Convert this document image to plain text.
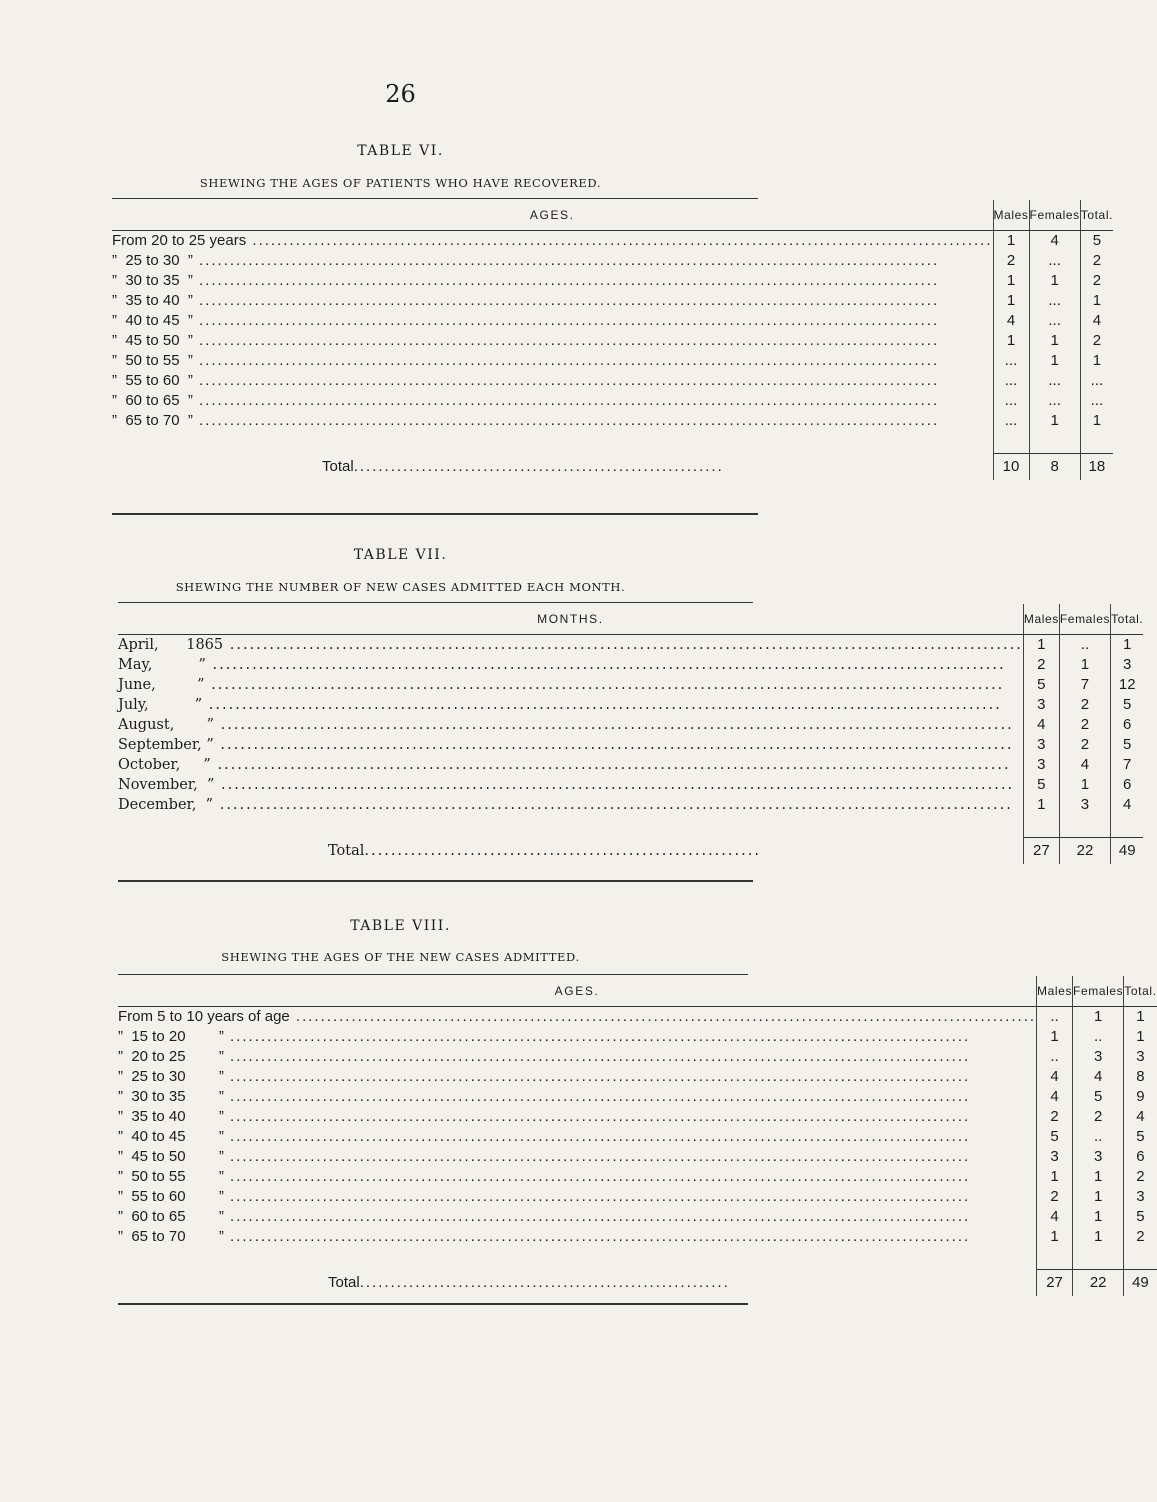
26
TABLE VI.
SHEWING THE AGES OF PATIENTS WHO HAVE RECOVERED.
AGES.	Males	Females	Total.

From 20 to 25 years ........................................................................................................................	1	4	5

”  25 to 30  ” ........................................................................................................................	2	...	2

”  30 to 35  ” ........................................................................................................................	1	1	2

”  35 to 40  ” ........................................................................................................................	1	...	1

”  40 to 45  ” ........................................................................................................................	4	...	4

”  45 to 50  ” ........................................................................................................................	1	1	2

”  50 to 55  ” ........................................................................................................................	...	1	1

”  55 to 60  ” ........................................................................................................................	...	...	...

”  60 to 65  ” ........................................................................................................................	...	...	...

”  65 to 70  ” ........................................................................................................................	...	1	1

Total ............................................................	10	8	18
TABLE VII.
SHEWING THE NUMBER OF NEW CASES ADMITTED EACH MONTH.
MONTHS.	Males	Females	Total.

April,      1865 ........................................................................................................................	1	..	1

May,          ” ........................................................................................................................	2	1	3

June,         ” ........................................................................................................................	5	7	12

July,          ” ........................................................................................................................	3	2	5

August,       ” ........................................................................................................................	4	2	6

September, ” ........................................................................................................................	3	2	5

October,     ” ........................................................................................................................	3	4	7

November,  ” ........................................................................................................................	5	1	6

December,  ” ........................................................................................................................	1	3	4

Total ............................................................	27	22	49
TABLE VIII.
SHEWING THE AGES OF THE NEW CASES ADMITTED.
AGES.	Males	Females	Total.

From 5 to 10 years of age ........................................................................................................................	..	1	1

”  15 to 20        ” ........................................................................................................................	1	..	1

”  20 to 25        ” ........................................................................................................................	..	3	3

”  25 to 30        ” ........................................................................................................................	4	4	8

”  30 to 35        ” ........................................................................................................................	4	5	9

”  35 to 40        ” ........................................................................................................................	2	2	4

”  40 to 45        ” ........................................................................................................................	5	..	5

”  45 to 50        ” ........................................................................................................................	3	3	6

”  50 to 55        ” ........................................................................................................................	1	1	2

”  55 to 60        ” ........................................................................................................................	2	1	3

”  60 to 65        ” ........................................................................................................................	4	1	5

”  65 to 70        ” ........................................................................................................................	1	1	2

Total ............................................................	27	22	49
